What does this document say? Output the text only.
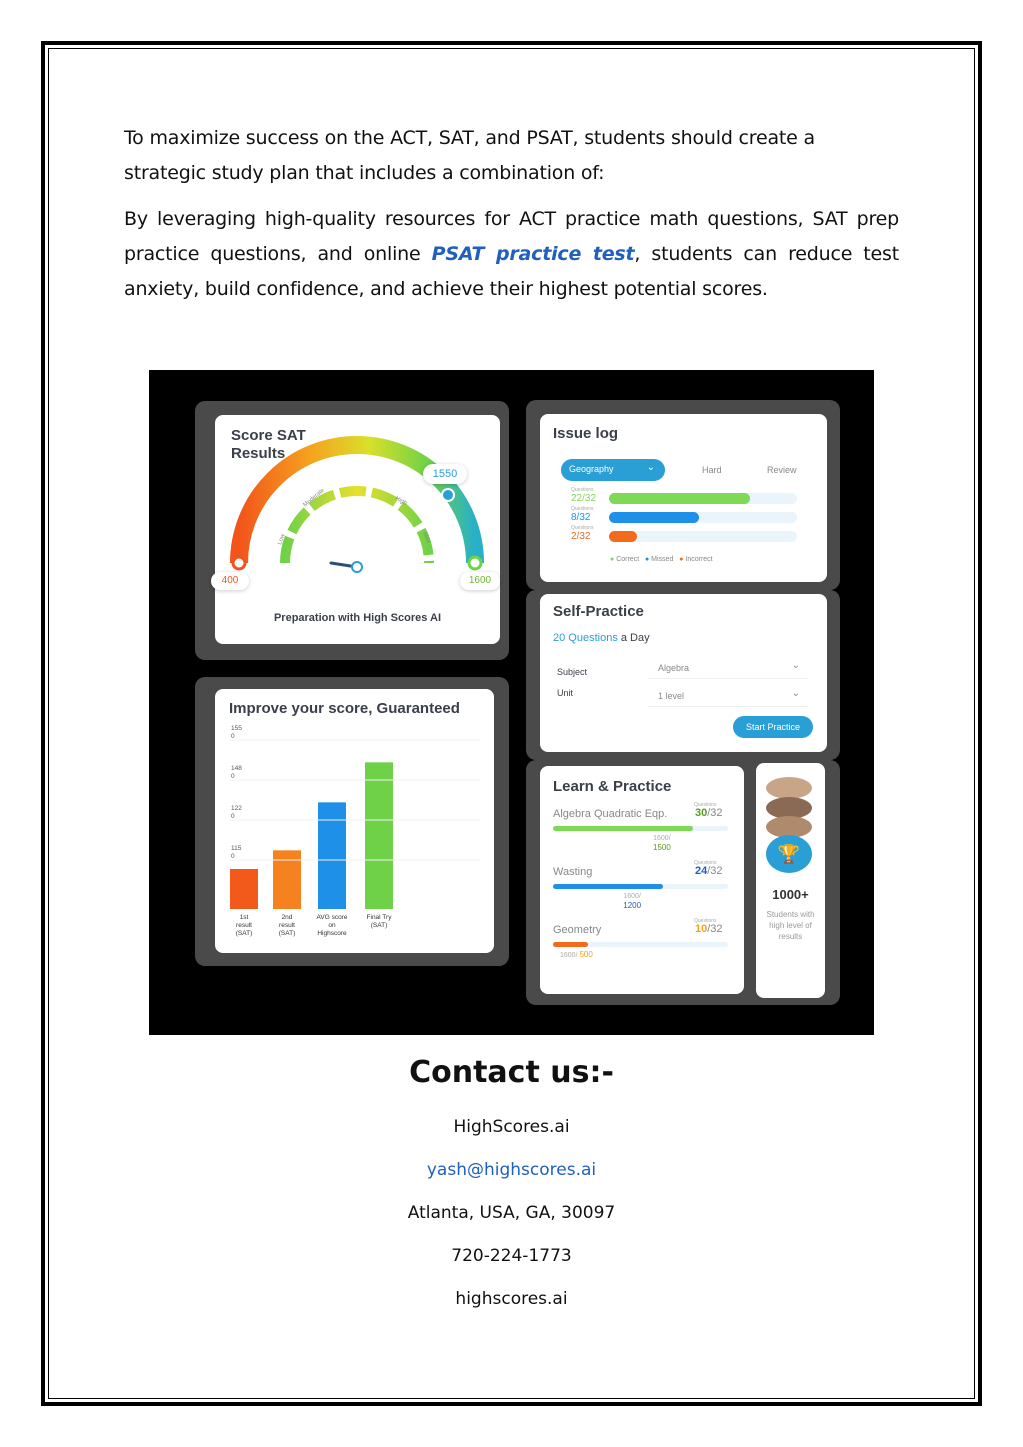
To maximize success on the ACT, SAT, and PSAT, students should create a strategic study plan that includes a combination of:

By leveraging high-quality resources for ACT practice math questions, SAT prep practice questions, and online PSAT practice test, students can reduce test anxiety, build confidence, and achieve their highest potential scores.

Score SAT
Results
Low
Moderate	High
Max
1550
400	1600
Preparation with High Scores AI
Improve your score, Guaranteed
1st result (SAT)
2nd result (SAT)
AVG score on Highscore
Final Try (SAT)
155 0
148 0
122 0
115 0
Issue log
Geography	⌄	Hard	Review
Questions
22/32
Questions
8/32
Questions
2/32
● Correct ● Missed ● Incorrect
Self-Practice
20 Questions a Day
Subject	Algebra	⌄
Unit	1 level	⌄
Start Practice
Learn & Practice
Questions
Algebra Quadratic Eqp.	30/32
1600/
1500
Questions
Wasting	24/32
1600/
1200
Questions
Geometry	10/32
1600/ 500
🏆
1000+
Students with high level of results
Contact us:-
HighScores.ai
yash@highscores.ai
Atlanta, USA, GA, 30097
720-224-1773
highscores.ai
